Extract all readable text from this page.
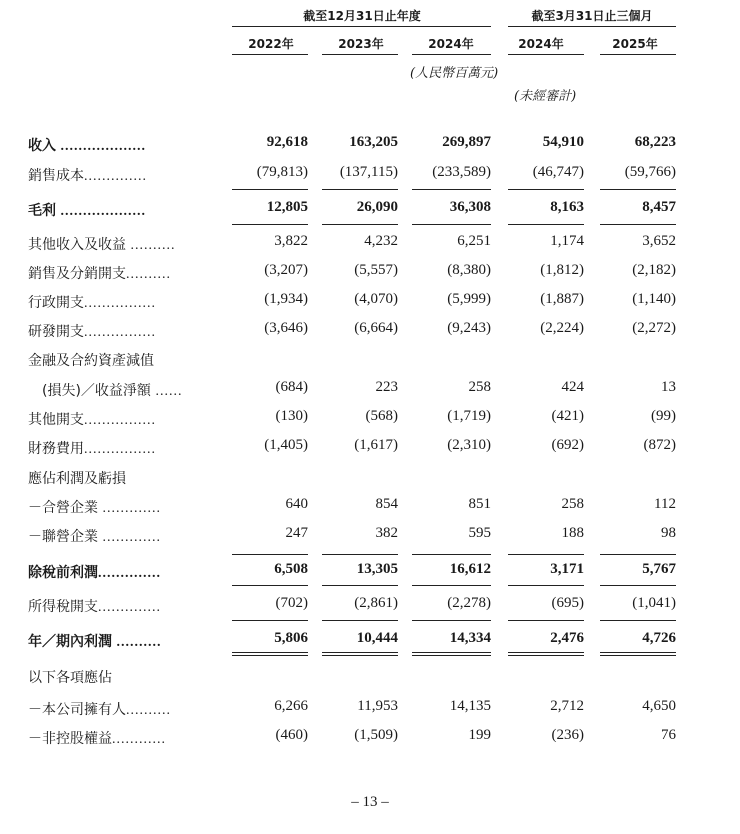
截至12月31日止年度	截至3月31日止三個月
2022年	2023年	2024年	2024年	2025年
(人民幣百萬元)
(未經審計)
收入 ...................	92,618	163,205	269,897	54,910	68,223
銷售成本..............	(79,813)	(137,115)	(233,589)	(46,747)	(59,766)
毛利 ...................	12,805	26,090	36,308	8,163	8,457
其他收入及收益 ..........	3,822	4,232	6,251	1,174	3,652
銷售及分銷開支..........	(3,207)	(5,557)	(8,380)	(1,812)	(2,182)
行政開支................	(1,934)	(4,070)	(5,999)	(1,887)	(1,140)
研發開支................	(3,646)	(6,664)	(9,243)	(2,224)	(2,272)
金融及合約資產減值
　(損失)／收益淨額 ......	(684)	223	258	424	13
其他開支................	(130)	(568)	(1,719)	(421)	(99)
財務費用................	(1,405)	(1,617)	(2,310)	(692)	(872)
應佔利潤及虧損
－合營企業 .............	640	854	851	258	112
－聯營企業 .............	247	382	595	188	98
除稅前利潤..............	6,508	13,305	16,612	3,171	5,767
所得稅開支..............	(702)	(2,861)	(2,278)	(695)	(1,041)
年／期內利潤 ..........	5,806	10,444	14,334	2,476	4,726
以下各項應佔
－本公司擁有人..........	6,266	11,953	14,135	2,712	4,650
－非控股權益............	(460)	(1,509)	199	(236)	76
– 13 –
